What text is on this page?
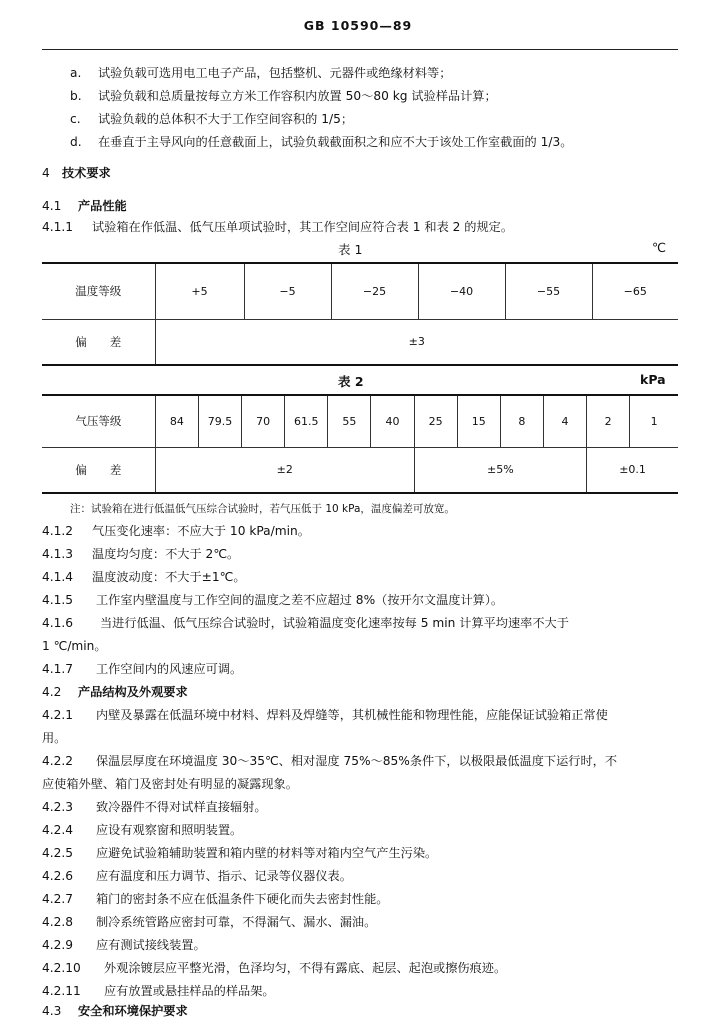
GB 10590—89
a. 试验负载可选用电工电子产品，包括整机、元器件或绝缘材料等；
b. 试验负载和总质量按每立方米工作容积内放置 50～80 kg 试验样品计算；
c. 试验负载的总体积不大于工作空间容积的 1/5；
d. 在垂直于主导风向的任意截面上，试验负载截面积之和应不大于该处工作室截面的 1/3。
4 技术要求
4.1 产品性能
4.1.1 试验箱在作低温、低气压单项试验时，其工作空间应符合表 1 和表 2 的规定。
表 1	℃
温度等级	+5	−5	−25	−40	−55	−65
偏　　差	±3					
表 2	kPa
气压等级	84	79.5	70	61.5	55	40	25	15	8	4	2	1
偏　　差	±2						±5%				±0.1	
注：试验箱在进行低温低气压综合试验时，若气压低于 10 kPa，温度偏差可放宽。
4.1.2 气压变化速率：不应大于 10 kPa/min。
4.1.3 温度均匀度：不大于 2℃。
4.1.4 温度波动度：不大于±1℃。
4.1.5 工作室内壁温度与工作空间的温度之差不应超过 8%（按开尔文温度计算）。
4.1.6 当进行低温、低气压综合试验时，试验箱温度变化速率按每 5 min 计算平均速率不大于
1 ℃/min。
4.1.7 工作空间内的风速应可调。
4.2 产品结构及外观要求
4.2.1 内壁及暴露在低温环境中材料、焊料及焊缝等，其机械性能和物理性能，应能保证试验箱正常使
用。
4.2.2 保温层厚度在环境温度 30～35℃、相对湿度 75%～85%条件下，以极限最低温度下运行时，不
应使箱外壁、箱门及密封处有明显的凝露现象。
4.2.3 致冷器件不得对试样直接辐射。
4.2.4 应设有观察窗和照明装置。
4.2.5 应避免试验箱辅助装置和箱内壁的材料等对箱内空气产生污染。
4.2.6 应有温度和压力调节、指示、记录等仪器仪表。
4.2.7 箱门的密封条不应在低温条件下硬化而失去密封性能。
4.2.8 制冷系统管路应密封可靠，不得漏气、漏水、漏油。
4.2.9 应有测试接线装置。
4.2.10 外观涂镀层应平整光滑，色泽均匀，不得有露底、起层、起泡或擦伤痕迹。
4.2.11 应有放置或悬挂样品的样品架。
4.3 安全和环境保护要求
